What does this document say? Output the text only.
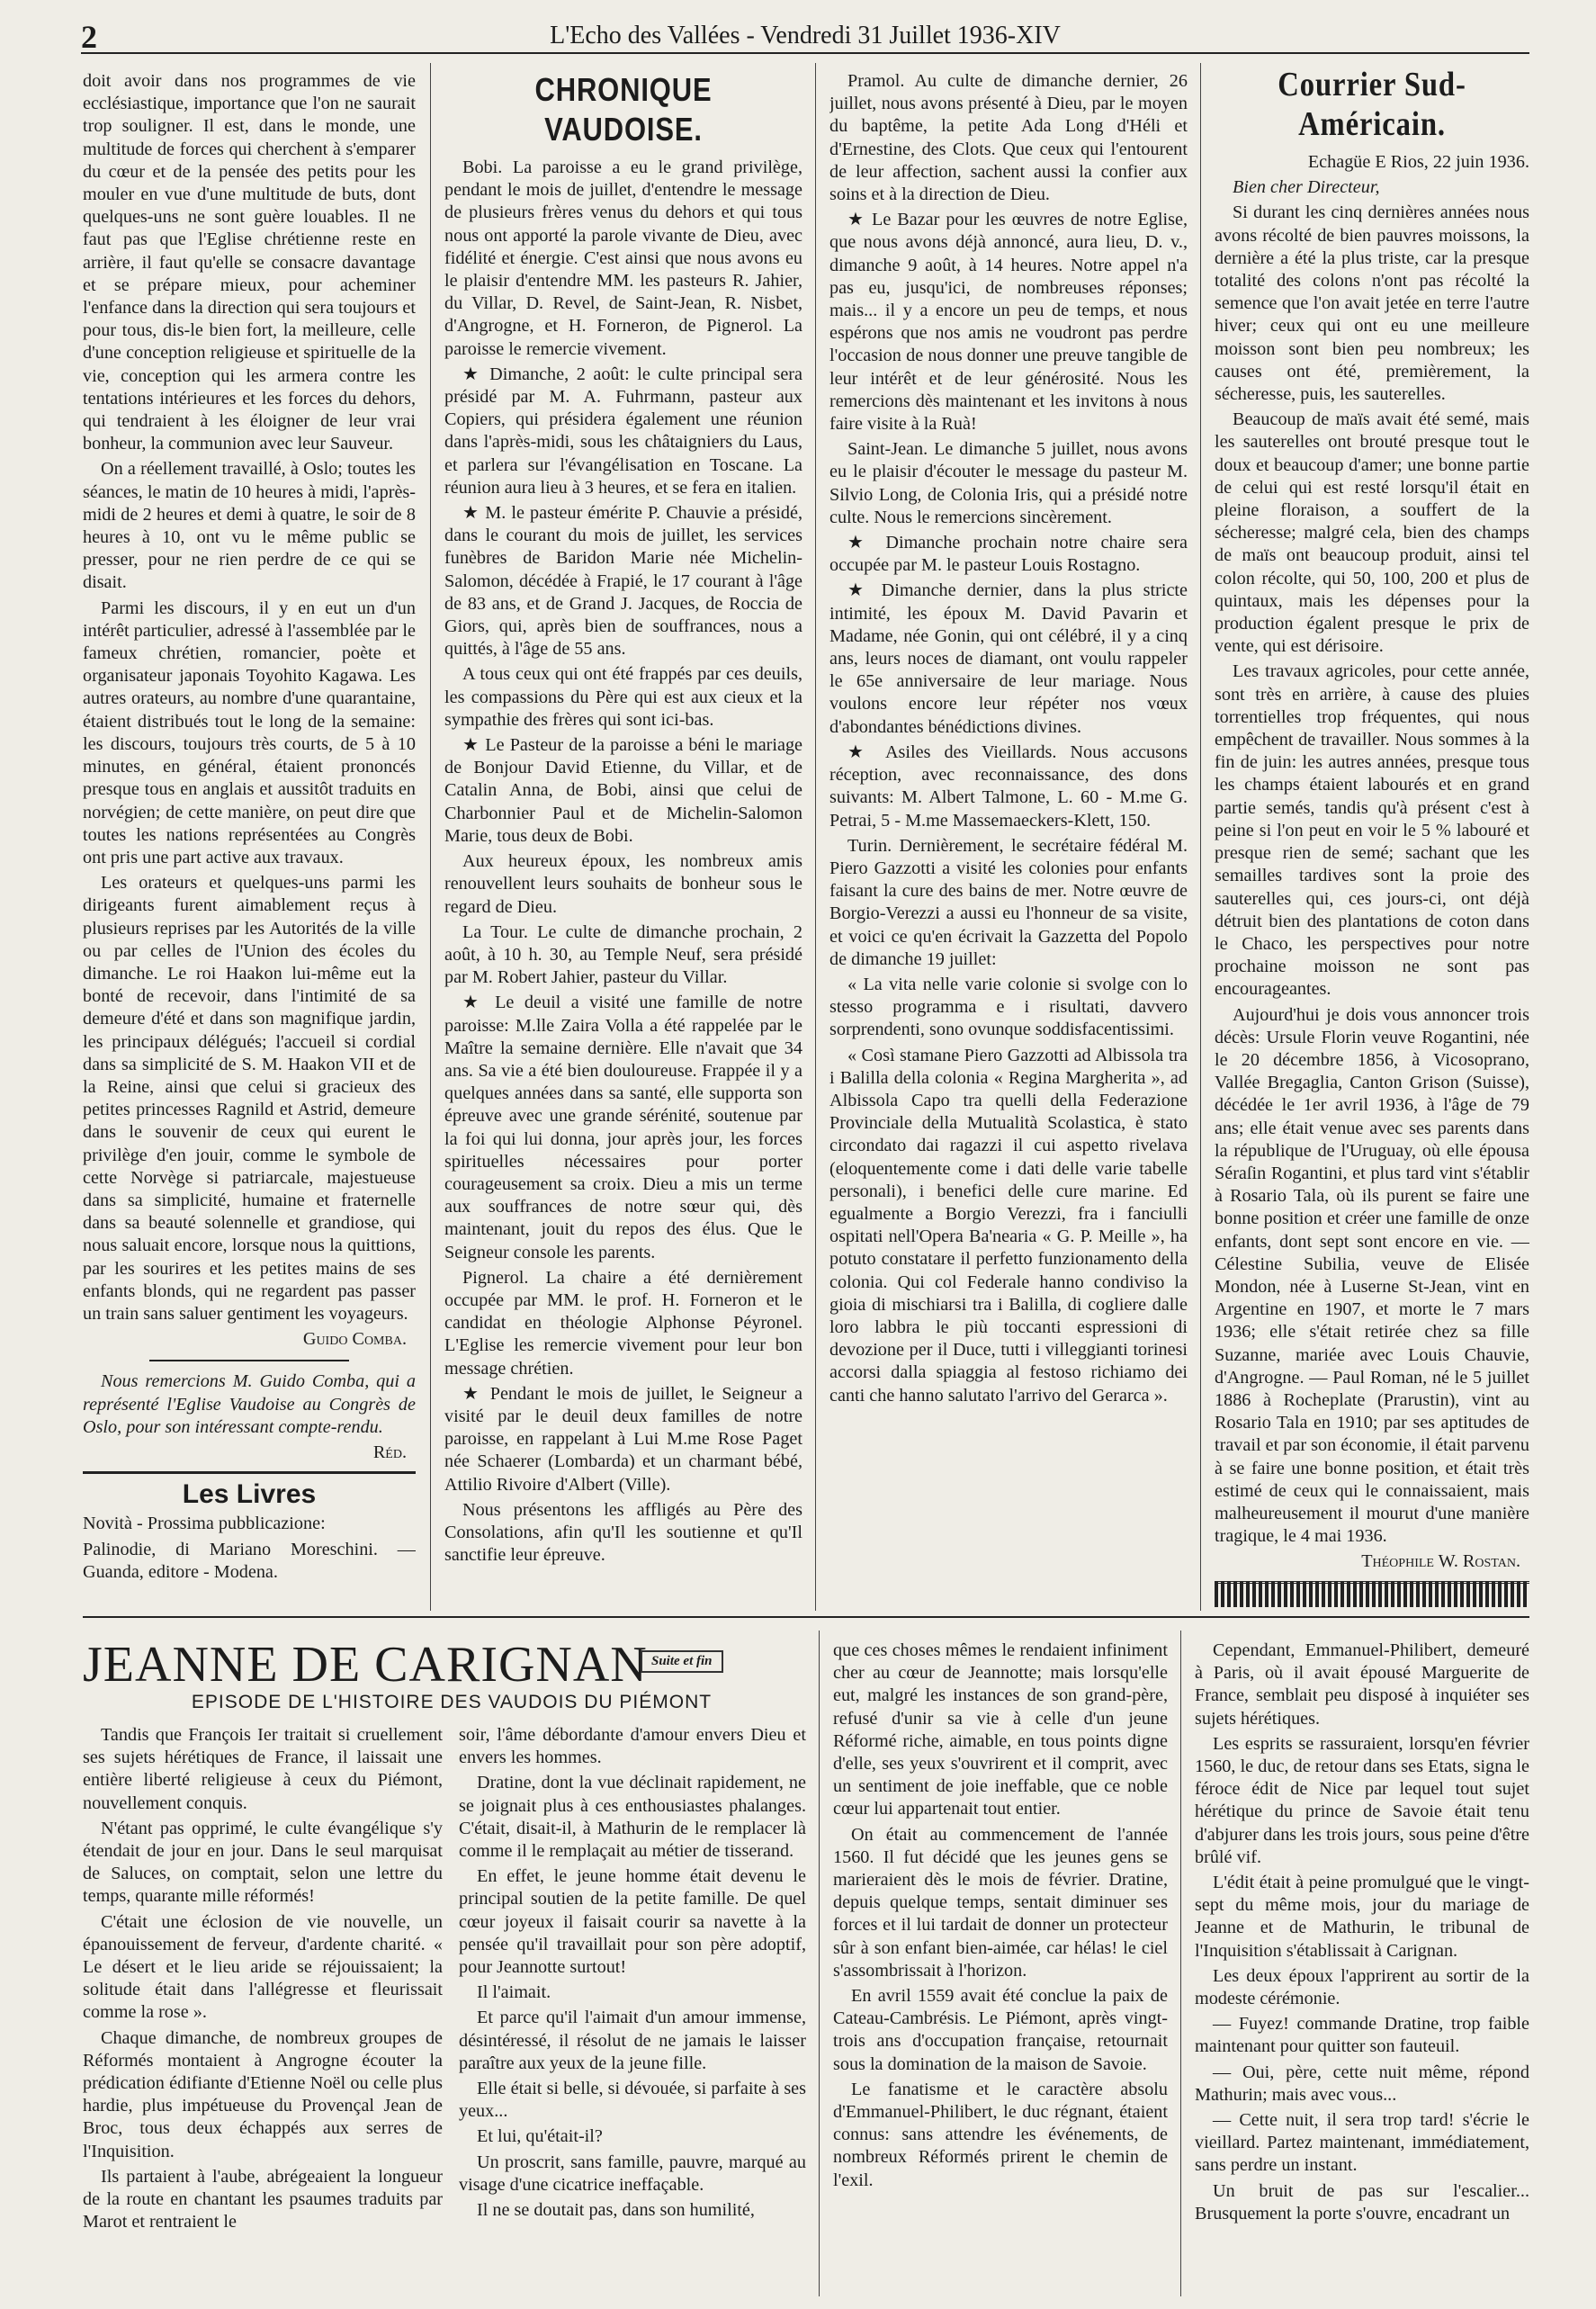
2	L'Echo des Vallées - Vendredi 31 Juillet 1936-XIV

doit avoir dans nos programmes de vie ecclésiastique, importance que l'on ne saurait trop souligner. Il est, dans le monde, une multitude de forces qui cherchent à s'emparer du cœur et de la pensée des petits pour les mouler en vue d'une multitude de buts, dont quelques-uns ne sont guère louables. Il ne faut pas que l'Eglise chrétienne reste en arrière, il faut qu'elle se consacre davantage et se prépare mieux, pour acheminer l'enfance dans la direction qui sera toujours et pour tous, dis-le bien fort, la meilleure, celle d'une conception religieuse et spirituelle de la vie, conception qui les armera contre les tentations intérieures et les forces du dehors, qui tendraient à les éloigner de leur vrai bonheur, la communion avec leur Sauveur.

On a réellement travaillé, à Oslo; toutes les séances, le matin de 10 heures à midi, l'après-midi de 2 heures et demi à quatre, le soir de 8 heures à 10, ont vu le même public se presser, pour ne rien perdre de ce qui se disait.

Parmi les discours, il y en eut un d'un intérêt particulier, adressé à l'assemblée par le fameux chrétien, romancier, poète et organisateur japonais Toyohito Kagawa. Les autres orateurs, au nombre d'une quarantaine, étaient distribués tout le long de la semaine: les discours, toujours très courts, de 5 à 10 minutes, en général, étaient prononcés presque tous en anglais et aussitôt traduits en norvégien; de cette manière, on peut dire que toutes les nations représentées au Congrès ont pris une part active aux travaux.

Les orateurs et quelques-uns parmi les dirigeants furent aimablement reçus à plusieurs reprises par les Autorités de la ville ou par celles de l'Union des écoles du dimanche. Le roi Haakon lui-même eut la bonté de recevoir, dans l'intimité de sa demeure d'été et dans son magnifique jardin, les principaux délégués; l'accueil si cordial dans sa simplicité de S. M. Haakon VII et de la Reine, ainsi que celui si gracieux des petites princesses Ragnild et Astrid, demeure dans le souvenir de ceux qui eurent le privilège d'en jouir, comme le symbole de cette Norvège si patriarcale, majestueuse dans sa simplicité, humaine et fraternelle dans sa beauté solennelle et grandiose, qui nous saluait encore, lorsque nous la quittions, par les sourires et les petites mains de ses enfants blonds, qui ne regardent pas passer un train sans saluer gentiment les voyageurs.

Guido Comba.

Nous remercions M. Guido Comba, qui a représenté l'Eglise Vaudoise au Congrès de Oslo, pour son intéressant compte-rendu.

Réd.
Les Livres

Novità - Prossima pubblicazione:

Palinodie, di Mariano Moreschini. — Guanda, editore - Modena.

CHRONIQUE VAUDOISE.

Bobi. La paroisse a eu le grand privilège, pendant le mois de juillet, d'entendre le message de plusieurs frères venus du dehors et qui tous nous ont apporté la parole vivante de Dieu, avec fidélité et énergie. C'est ainsi que nous avons eu le plaisir d'entendre MM. les pasteurs R. Jahier, du Villar, D. Revel, de Saint-Jean, R. Nisbet, d'Angrogne, et H. Forneron, de Pignerol. La paroisse le remercie vivement.

★ Dimanche, 2 août: le culte principal sera présidé par M. A. Fuhrmann, pasteur aux Copiers, qui présidera également une réunion dans l'après-midi, sous les châtaigniers du Laus, et parlera sur l'évangélisation en Toscane. La réunion aura lieu à 3 heures, et se fera en italien.

★ M. le pasteur émérite P. Chauvie a présidé, dans le courant du mois de juillet, les services funèbres de Baridon Marie née Michelin-Salomon, décédée à Frapié, le 17 courant à l'âge de 83 ans, et de Grand J. Jacques, de Roccia de Giors, qui, après bien de souffrances, nous a quittés, à l'âge de 55 ans.

A tous ceux qui ont été frappés par ces deuils, les compassions du Père qui est aux cieux et la sympathie des frères qui sont ici-bas.

★ Le Pasteur de la paroisse a béni le mariage de Bonjour David Etienne, du Villar, et de Catalin Anna, de Bobi, ainsi que celui de Charbonnier Paul et de Michelin-Salomon Marie, tous deux de Bobi.

Aux heureux époux, les nombreux amis renouvellent leurs souhaits de bonheur sous le regard de Dieu.

La Tour. Le culte de dimanche prochain, 2 août, à 10 h. 30, au Temple Neuf, sera présidé par M. Robert Jahier, pasteur du Villar.

★ Le deuil a visité une famille de notre paroisse: M.lle Zaira Volla a été rappelée par le Maître la semaine dernière. Elle n'avait que 34 ans. Sa vie a été bien douloureuse. Frappée il y a quelques années dans sa santé, elle supporta son épreuve avec une grande sérénité, soutenue par la foi qui lui donna, jour après jour, les forces spirituelles nécessaires pour porter courageusement sa croix. Dieu a mis un terme aux souffrances de notre sœur qui, dès maintenant, jouit du repos des élus. Que le Seigneur console les parents.

Pignerol. La chaire a été dernièrement occupée par MM. le prof. H. Forneron et le candidat en théologie Alphonse Péyronel. L'Eglise les remercie vivement pour leur bon message chrétien.

★ Pendant le mois de juillet, le Seigneur a visité par le deuil deux familles de notre paroisse, en rappelant à Lui M.me Rose Paget née Schaerer (Lombarda) et un charmant bébé, Attilio Rivoire d'Albert (Ville).

Nous présentons les affligés au Père des Consolations, afin qu'Il les soutienne et qu'Il sanctifie leur épreuve.

Pramol. Au culte de dimanche dernier, 26 juillet, nous avons présenté à Dieu, par le moyen du baptême, la petite Ada Long d'Héli et d'Ernestine, des Clots. Que ceux qui l'entourent de leur affection, sachent aussi la confier aux soins et à la direction de Dieu.

★ Le Bazar pour les œuvres de notre Eglise, que nous avons déjà annoncé, aura lieu, D. v., dimanche 9 août, à 14 heures. Notre appel n'a pas eu, jusqu'ici, de nombreuses réponses; mais... il y a encore un peu de temps, et nous espérons que nos amis ne voudront pas perdre l'occasion de nous donner une preuve tangible de leur intérêt et de leur générosité. Nous les remercions dès maintenant et les invitons à nous faire visite à la Ruà!

Saint-Jean. Le dimanche 5 juillet, nous avons eu le plaisir d'écouter le message du pasteur M. Silvio Long, de Colonia Iris, qui a présidé notre culte. Nous le remercions sincèrement.

★ Dimanche prochain notre chaire sera occupée par M. le pasteur Louis Rostagno.

★ Dimanche dernier, dans la plus stricte intimité, les époux M. David Pavarin et Madame, née Gonin, qui ont célébré, il y a cinq ans, leurs noces de diamant, ont voulu rappeler le 65e anniversaire de leur mariage. Nous voulons encore leur répéter nos vœux d'abondantes bénédictions divines.

★ Asiles des Vieillards. Nous accusons réception, avec reconnaissance, des dons suivants: M. Albert Talmone, L. 60 - M.me G. Petrai, 5 - M.me Massemaeckers-Klett, 150.

Turin. Dernièrement, le secrétaire fédéral M. Piero Gazzotti a visité les colonies pour enfants faisant la cure des bains de mer. Notre œuvre de Borgio-Verezzi a aussi eu l'honneur de sa visite, et voici ce qu'en écrivait la Gazzetta del Popolo de dimanche 19 juillet:

« La vita nelle varie colonie si svolge con lo stesso programma e i risultati, davvero sorprendenti, sono ovunque soddisfacentissimi.

« Così stamane Piero Gazzotti ad Albissola tra i Balilla della colonia « Regina Margherita », ad Albissola Capo tra quelli della Federazione Provinciale della Mutualità Scolastica, è stato circondato dai ragazzi il cui aspetto rivelava (eloquentemente come i dati delle varie tabelle personali), i benefici delle cure marine. Ed egualmente a Borgio Verezzi, fra i fanciulli ospitati nell'Opera Ba'nearia « G. P. Meille », ha potuto constatare il perfetto funzionamento della colonia. Qui col Federale hanno condiviso la gioia di mischiarsi tra i Balilla, di cogliere dalle loro labbra le più toccanti espressioni di devozione per il Duce, tutti i villeggianti torinesi accorsi dalla spiaggia al festoso richiamo dei canti che hanno salutato l'arrivo del Gerarca ».

Courrier Sud-Américain.

Echagüe E Rios, 22 juin 1936.

Bien cher Directeur,

Si durant les cinq dernières années nous avons récolté de bien pauvres moissons, la dernière a été la plus triste, car la presque totalité des colons n'ont pas récolté la semence que l'on avait jetée en terre l'autre hiver; ceux qui ont eu une meilleure moisson sont bien peu nombreux; les causes ont été, premièrement, la sécheresse, puis, les sauterelles.

Beaucoup de maïs avait été semé, mais les sauterelles ont brouté presque tout le doux et beaucoup d'amer; une bonne partie de celui qui est resté lorsqu'il était en pleine floraison, a souffert de la sécheresse; malgré cela, bien des champs de maïs ont beaucoup produit, ainsi tel colon récolte, qui 50, 100, 200 et plus de quintaux, mais les dépenses pour la production égalent presque le prix de vente, qui est dérisoire.

Les travaux agricoles, pour cette année, sont très en arrière, à cause des pluies torrentielles trop fréquentes, qui nous empêchent de travailler. Nous sommes à la fin de juin: les autres années, presque tous les champs étaient labourés et en grand partie semés, tandis qu'à présent c'est à peine si l'on peut en voir le 5 % labouré et presque rien de semé; sachant que les semailles tardives sont la proie des sauterelles qui, ces jours-ci, ont déjà détruit bien des plantations de coton dans le Chaco, les perspectives pour notre prochaine moisson ne sont pas encourageantes.

Aujourd'hui je dois vous annoncer trois décès: Ursule Florin veuve Rogantini, née le 20 décembre 1856, à Vicosoprano, Vallée Bregaglia, Canton Grison (Suisse), décédée le 1er avril 1936, à l'âge de 79 ans; elle était venue avec ses parents dans la république de l'Uruguay, où elle épousa Séraſin Rogantini, et plus tard vint s'établir à Rosario Tala, où ils purent se faire une bonne position et créer une famille de onze enfants, dont sept sont encore en vie. — Célestine Subilia, veuve de Elisée Mondon, née à Luserne St-Jean, vint en Argentine en 1907, et morte le 7 mars 1936; elle s'était retirée chez sa fille Suzanne, mariée avec Louis Chauvie, d'Angrogne. — Paul Roman, né le 5 juillet 1886 à Rocheplate (Prarustin), vint au Rosario Tala en 1910; par ses aptitudes de travail et par son économie, il était parvenu à se faire une bonne position, et était très estimé de ceux qui le connaissaient, mais malheureusement il mourut d'une manière tragique, le 4 mai 1936.

Théophile W. Rostan.

JEANNE DE CARIGNAN Suite et fin
EPISODE DE L'HISTOIRE DES VAUDOIS DU PIÉMONT

Tandis que François Ier traitait si cruellement ses sujets hérétiques de France, il laissait une entière liberté religieuse à ceux du Piémont, nouvellement conquis.

N'étant pas opprimé, le culte évangélique s'y étendait de jour en jour. Dans le seul marquisat de Saluces, on comptait, selon une lettre du temps, quarante mille réformés!

C'était une éclosion de vie nouvelle, un épanouissement de ferveur, d'ardente charité. « Le désert et le lieu aride se réjouissaient; la solitude était dans l'allégresse et fleurissait comme la rose ».

Chaque dimanche, de nombreux groupes de Réformés montaient à Angrogne écouter la prédication édifiante d'Etienne Noël ou celle plus hardie, plus impétueuse du Provençal Jean de Broc, tous deux échappés aux serres de l'Inquisition.

Ils partaient à l'aube, abrégeaient la longueur de la route en chantant les psaumes traduits par Marot et rentraient le

soir, l'âme débordante d'amour envers Dieu et envers les hommes.

Dratine, dont la vue déclinait rapidement, ne se joignait plus à ces enthousiastes phalanges. C'était, disait-il, à Mathurin de le remplacer là comme il le remplaçait au métier de tisserand.

En effet, le jeune homme était devenu le principal soutien de la petite famille. De quel cœur joyeux il faisait courir sa navette à la pensée qu'il travaillait pour son père adoptif, pour Jeannotte surtout!

Il l'aimait.

Et parce qu'il l'aimait d'un amour immense, désintéressé, il résolut de ne jamais le laisser paraître aux yeux de la jeune fille.

Elle était si belle, si dévouée, si parfaite à ses yeux...

Et lui, qu'était-il?

Un proscrit, sans famille, pauvre, marqué au visage d'une cicatrice ineffaçable.

Il ne se doutait pas, dans son humilité,

que ces choses mêmes le rendaient infiniment cher au cœur de Jeannotte; mais lorsqu'elle eut, malgré les instances de son grand-père, refusé d'unir sa vie à celle d'un jeune Réformé riche, aimable, en tous points digne d'elle, ses yeux s'ouvrirent et il comprit, avec un sentiment de joie ineffable, que ce noble cœur lui appartenait tout entier.

On était au commencement de l'année 1560. Il fut décidé que les jeunes gens se marieraient dès le mois de février. Dratine, depuis quelque temps, sentait diminuer ses forces et il lui tardait de donner un protecteur sûr à son enfant bien-aimée, car hélas! le ciel s'assombrissait à l'horizon.

En avril 1559 avait été conclue la paix de Cateau-Cambrésis. Le Piémont, après vingt-trois ans d'occupation française, retournait sous la domination de la maison de Savoie.

Le fanatisme et le caractère absolu d'Emmanuel-Philibert, le duc régnant, étaient connus: sans attendre les événements, de nombreux Réformés prirent le chemin de l'exil.

Cependant, Emmanuel-Philibert, demeuré à Paris, où il avait épousé Marguerite de France, semblait peu disposé à inquiéter ses sujets hérétiques.

Les esprits se rassuraient, lorsqu'en février 1560, le duc, de retour dans ses Etats, signa le féroce édit de Nice par lequel tout sujet hérétique du prince de Savoie était tenu d'abjurer dans les trois jours, sous peine d'être brûlé vif.

L'édit était à peine promulgué que le vingt-sept du même mois, jour du mariage de Jeanne et de Mathurin, le tribunal de l'Inquisition s'établissait à Carignan.

Les deux époux l'apprirent au sortir de la modeste cérémonie.

— Fuyez! commande Dratine, trop faible maintenant pour quitter son fauteuil.

— Oui, père, cette nuit même, répond Mathurin; mais avec vous...

— Cette nuit, il sera trop tard! s'écrie le vieillard. Partez maintenant, immédiatement, sans perdre un instant.

Un bruit de pas sur l'escalier... Brusquement la porte s'ouvre, encadrant un
